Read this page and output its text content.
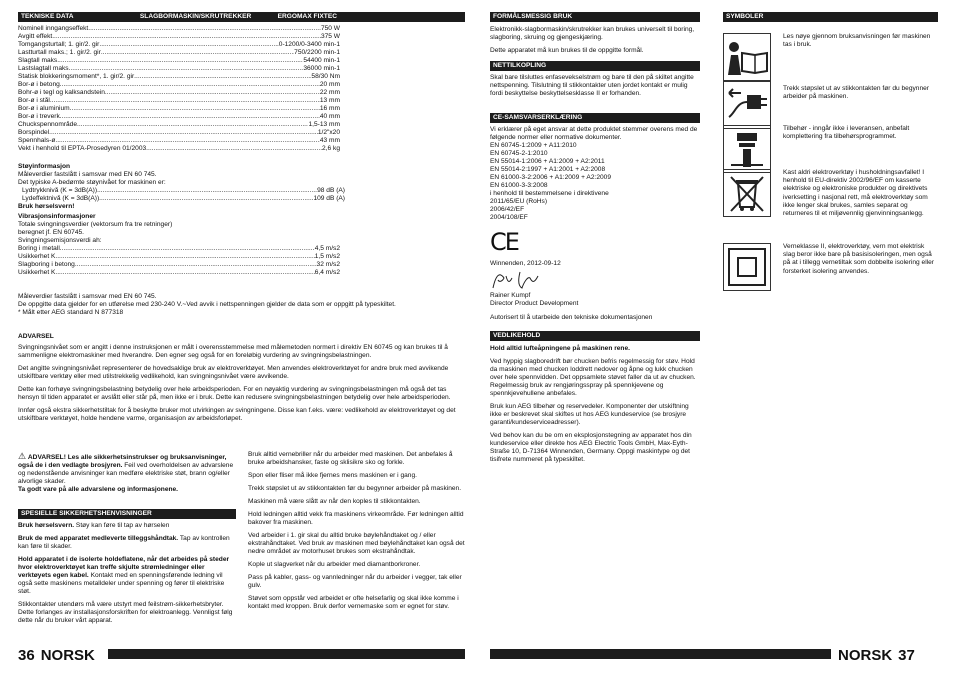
TEKNISKE DATA	SLAGBORMASKIN/SKRUTREKKER	ERGOMAX FIXTEC
Nominell inngangseffekt .....	750 W
Avgitt effekt .....	375 W
Tomgangsturtall; 1. gir/2. gir .....	0-1200/0-3400 min-1
Lastturtall maks.; 1. gir/2. gir .....	750/2200 min-1
Slagtall maks. .....	54400 min-1
Lastslagtall maks. .....	36000 min-1
Statisk blokkeringsmoment*, 1. gir/2. gir .....	58/30 Nm
Bor-ø i betong .....	20 mm
Bohr-ø i tegl og kalksandstein .....	22 mm
Bor-ø i stål .....	13 mm
Bor-ø i aluminium .....	16 mm
Bor-ø i treverk .....	40 mm
Chuckspennområde .....	1,5-13 mm
Borspindel .....	1/2"x20
Spennhals-ø .....	43 mm
Vekt i henhold til EPTA-Prosedyren 01/2003 .....	2,6 kg
Støyinformasjon
Måleverdier fastslått i samsvar med EN 60 745.
Det typiske A-bedømte støynivået for maskinen er:
Lydtrykknivå (K = 3dB(A)) .....	98 dB (A)
Lydeffektnivå (K = 3dB(A)) .....	109 dB (A)
Bruk hørselsvern!
Vibrasjonsinformasjoner
Totale svingningsverdier (vektorsum fra tre retninger)
beregnet jf. EN 60745.
Svingningsemisjonsverdi ah:
Boring i metall .....	4,5 m/s2
Usikkerhet K .....	1,5 m/s2
Slagboring i betong .....	32 m/s2
Usikkerhet K .....	6,4 m/s2
Måleverdier fastslått i samsvar med EN 60 745.
De oppgitte data gjelder for en utførelse med 230-240 V.~Ved avvik i nettspenningen gjelder de data som er oppgitt på typeskiltet.
* Målt etter AEG standard N 877318

ADVARSEL

Svingningsnivået som er angitt i denne instruksjonen er målt i overensstemmelse med målemetoden normert i direktiv EN 60745 og kan brukes til å sammenligne elektromaskiner med hverandre. Den egner seg også for en foreløbig vurdering av svingningsbelastningen.

Det angitte svingningsnivået representerer de hovedsaklige bruk av elektroverktøyet. Men anvendes elektroverktøyet for andre bruk med avvikende utskiftbare verktøy eller med utilstrekkelig vedlikehold, kan svingningsnivået være avvikende.

Dette kan forhøye svingningsbelastning betydelig over hele arbeidsperioden. For en nøyaktig vurdering av svingningsbelastningen må også det tas hensyn til tiden apparatet er avslått eller står på, men ikke er i bruk. Dette kan redusere svingningsbelastningen betydelig over hele arbeidsperioden.

Innfør også ekstra sikkerhetstiltak for å beskytte bruker mot utvirkingen av svingningene. Disse kan f.eks. være: vedlikehold av elektroverktøyet og det utskiftbare verktøyet, holde hendene varme, organisasjon av arbeidsforløpet.

⚠ ADVARSEL! Les alle sikkerhetsinstrukser og bruksanvisninger, også de i den vedlagte brosjyren. Feil ved overholdelsen av advarslene og nedenstående anvisninger kan medføre elektriske støt, brann og/eller alvorlige skader.
Ta godt vare på alle advarslene og informasjonene.

SPESIELLE SIKKERHETSHENVISNINGER

Bruk hørselsvern. Støy kan føre til tap av hørselen

Bruk de med apparatet medleverte tilleggshåndtak. Tap av kontrollen kan føre til skader.

Hold apparatet i de isolerte holdeflatene, når det arbeides på steder hvor elektroverktøyet kan treffe skjulte strømledninger eller verktøyets egen kabel. Kontakt med en spenningsførende ledning vil også sette maskinens metalldeler under spenning og fører til elektriske støt.

Stikkontakter utendørs må være utstyrt med feilstrøm-sikkerhetsbryter. Dette forlanges av installasjonsforskriften for elektroanlegg. Vennligst følg dette når du bruker vårt apparat.

Bruk alltid vernebriller når du arbeider med maskinen. Det anbefales å bruke arbeidshansker, faste og sklisikre sko og forkle.

Spon eller fliser må ikke fjernes mens maskinen er i gang.

Trekk støpslet ut av stikkontakten før du begynner arbeider på maskinen.

Maskinen må være slått av når den koples til stikkontakten.

Hold ledningen alltid vekk fra maskinens virkeområde. Før ledningen alltid bakover fra maskinen.

Ved arbeider i 1. gir skal du alltid bruke bøylehåndtaket og / eller ekstrahåndtaket. Ved bruk av maskinen med bøylehåndtaket kan også det nedre området av motorhuset brukes som ekstrahåndtak.

Kople ut slagverket når du arbeider med diamantborkroner.

Pass på kabler, gass- og vannledninger når du arbeider i vegger, tak eller gulv.

Støvet som oppstår ved arbeidet er ofte helsefarlig og skal ikke komme i kontakt med kroppen. Bruk derfor vernemaske som er egnet for støv.

36 NORSK
FORMÅLSMESSIG BRUK

Elektronikk-slagbormaskin/skrutrekker kan brukes universelt til boring, slagboring, skruing og gjengeskjæring.

Dette apparatet må kun brukes til de oppgitte formål.

NETTILKOPLING

Skal bare tilsluttes enfasevekselstrøm og bare til den på skiltet angitte nettspenning. Tilslutning til stikkontakter uten jordet kontakt er mulig fordi beskyttelse beskyttelsesklasse II er forhanden.

CE-SAMSVARSERKLÆRING
Vi erklærer på eget ansvar at dette produktet stemmer overens med de følgende normer eller normative dokumenter.
EN 60745-1:2009 + A11:2010
EN 60745-2-1:2010
EN 55014-1:2006 + A1:2009 + A2:2011
EN 55014-2:1997 + A1:2001 + A2:2008
EN 61000-3-2:2006 + A1:2009 + A2:2009
EN 61000-3-3:2008
i henhold til bestemmelsene i direktivene
2011/65/EU (RoHs)
2006/42/EF
2004/108/EF
CE
Winnenden, 2012-09-12
Rainer Kumpf
Director Product Development
Autorisert til å utarbeide den tekniske dokumentasjonen
VEDLIKEHOLD

Hold alltid lufteåpningene på maskinen rene.

Ved hyppig slagboredrift bør chucken befris regelmessig for støv. Hold da maskinen med chucken loddrett nedover og åpne og lukk chucken over hele spennvidden. Det oppsamlete støvet faller da ut av chucken. Regelmessig bruk av rengjøringsspray på spennkjevene og spennkjevehullene anbefales.

Bruk kun AEG tilbehør og reservedeler. Komponenter der utskiftning ikke er beskrevet skal skiftes ut hos AEG kundeservice (se brosjyre garanti/kundeserviceadresser).

Ved behov kan du be om en eksplosjonstegning av apparatet hos din kundeservice eller direkte hos AEG Electric Tools GmbH, Max-Eyth-Straße 10, D-71364 Winnenden, Germany. Oppgi maskintype og det tisifrete nummeret på typeskiltet.

SYMBOLER
Les nøye gjennom bruksanvisningen før maskinen tas i bruk.
Trekk støpslet ut av stikkontakten før du begynner arbeider på maskinen.
Tilbehør - inngår ikke i leveransen, anbefalt komplettering fra tilbehørsprogrammet.
Kast aldri elektroverktøy i husholdningsavfallet! I henhold til EU-direktiv 2002/96/EF om kasserte elektriske og elektroniske produkter og direktivets iverksetting i nasjonal rett, må elektroverktøy som ikke lenger skal brukes, samles separat og returneres til et miljøvennlig gjenvinningsanlegg.
Verneklasse II, elektroverktøy, vern mot elektrisk slag beror ikke bare på basisisoleringen, men også på at i tillegg vernetiltak som dobbelte isolering eller forsterket isolering anvendes.
NORSK 37
